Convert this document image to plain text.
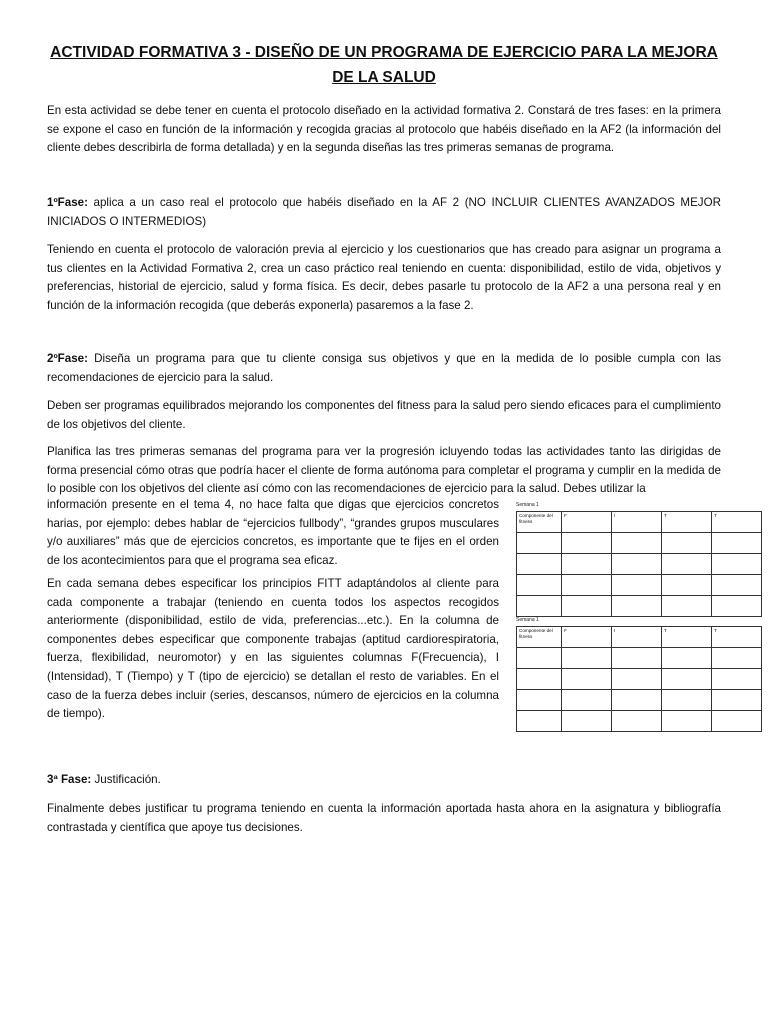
ACTIVIDAD FORMATIVA 3 - DISEÑO DE UN PROGRAMA DE EJERCICIO PARA LA MEJORA
DE LA SALUD

En esta actividad se debe tener en cuenta el protocolo diseñado en la actividad formativa 2. Constará de tres fases: en la primera se expone el caso en función de la información y recogida gracias al protocolo que habéis diseñado en la AF2 (la información del cliente debes describirla de forma detallada) y en la segunda diseñas las tres primeras semanas de programa.

1ºFase: aplica a un caso real el protocolo que habéis diseñado en la AF 2 (NO INCLUIR CLIENTES AVANZADOS MEJOR INICIADOS O INTERMEDIOS)

Teniendo en cuenta el protocolo de valoración previa al ejercicio y los cuestionarios que has creado para asignar un programa a tus clientes en la Actividad Formativa 2, crea un caso práctico real teniendo en cuenta: disponibilidad, estilo de vida, objetivos y preferencias, historial de ejercicio, salud y forma física. Es decir, debes pasarle tu protocolo de la AF2 a una persona real y en función de la información recogida (que deberás exponerla) pasaremos a la fase 2.

2ºFase: Diseña un programa para que tu cliente consiga sus objetivos y que en la medida de lo posible cumpla con las recomendaciones de ejercicio para la salud.

Deben ser programas equilibrados mejorando los componentes del fitness para la salud pero siendo eficaces para el cumplimiento de los objetivos del cliente.

Planifica las tres primeras semanas del programa para ver la progresión icluyendo todas las actividades tanto las dirigidas de forma presencial cómo otras que podría hacer el cliente de forma autónoma para completar el programa y cumplir en la medida de lo posible con los objetivos del cliente así cómo con las recomendaciones de ejercicio para la salud. Debes utilizar la

información presente en el tema 4, no hace falta que digas que ejercicios concretos harias, por ejemplo: debes hablar de “ejercicios fullbody”, “grandes grupos musculares y/o auxiliares” más que de ejercicios concretos, es importante que te fijes en el orden de los acontecimientos para que el programa sea eficaz.

En cada semana debes especificar los principios FITT adaptándolos al cliente para cada componente a trabajar (teniendo en cuenta todos los aspectos recogidos anteriormente (disponibilidad, estilo de vida, preferencias...etc.). En la columna de componentes debes especificar que componente trabajas (aptitud cardiorespiratoria, fuerza, flexibilidad, neuromotor) y en las siguientes columnas F(Frecuencia), I (Intensidad), T (Tiempo) y T (tipo de ejercicio) se detallan el resto de variables. En el caso de la fuerza debes incluir (series, descansos, número de ejercicios en la columna de tiempo).

Semana 1
Componente del fitness	F	I	T	T

Semana 1
Componente del fitness	F	I	T	T

3ª Fase: Justificación.

Finalmente debes justificar tu programa teniendo en cuenta la información aportada hasta ahora en la asignatura y bibliografía contrastada y científica que apoye tus decisiones.
